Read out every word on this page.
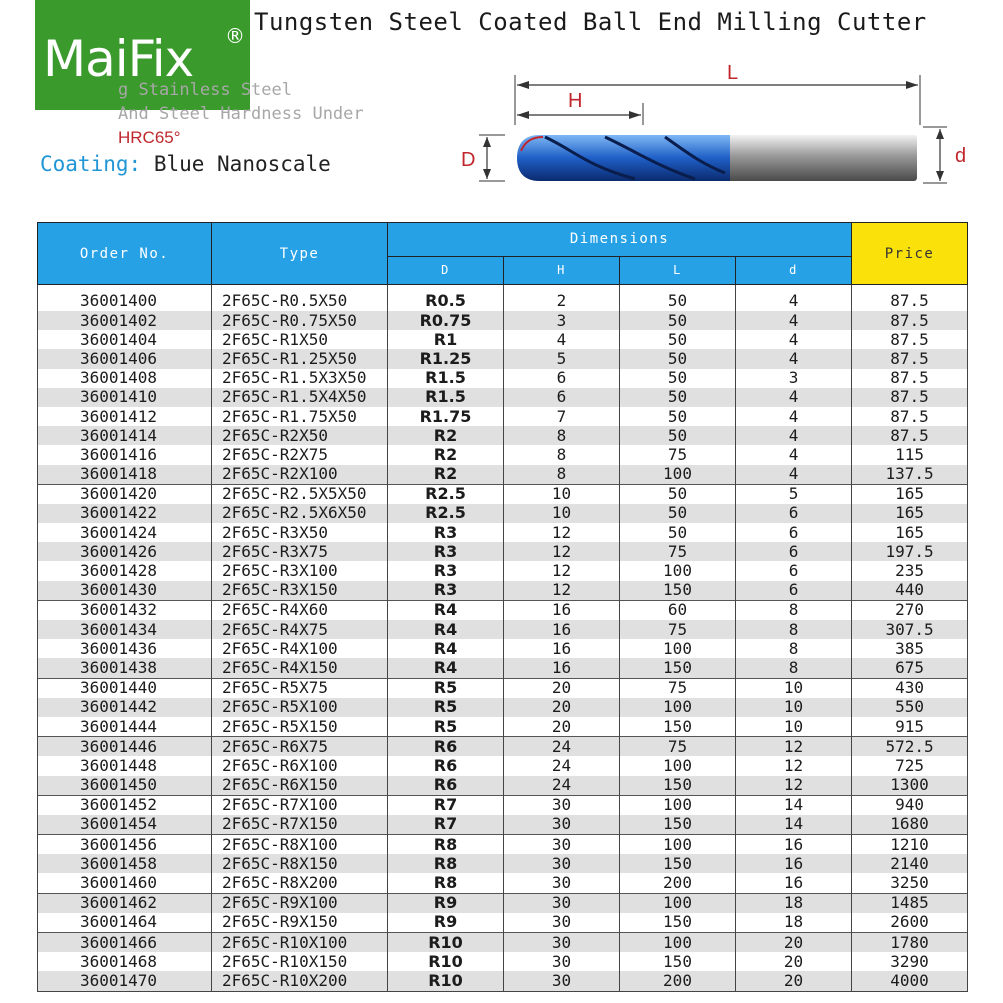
Tungsten Steel Coated Ball End Milling Cutter
MaiFix ®
g Stainless Steel
And Steel Hardness Under
HRC65°
Coating: Blue Nanoscale
L
H
D	d
Order No.	Type	Dimensions				Price
		D	H	L	d	
36001400	2F65C-R0.5X50	R0.5	2	50	4	87.5
36001402	2F65C-R0.75X50	R0.75	3	50	4	87.5
36001404	2F65C-R1X50	R1	4	50	4	87.5
36001406	2F65C-R1.25X50	R1.25	5	50	4	87.5
36001408	2F65C-R1.5X3X50	R1.5	6	50	3	87.5
36001410	2F65C-R1.5X4X50	R1.5	6	50	4	87.5
36001412	2F65C-R1.75X50	R1.75	7	50	4	87.5
36001414	2F65C-R2X50	R2	8	50	4	87.5
36001416	2F65C-R2X75	R2	8	75	4	115
36001418	2F65C-R2X100	R2	8	100	4	137.5
36001420	2F65C-R2.5X5X50	R2.5	10	50	5	165
36001422	2F65C-R2.5X6X50	R2.5	10	50	6	165
36001424	2F65C-R3X50	R3	12	50	6	165
36001426	2F65C-R3X75	R3	12	75	6	197.5
36001428	2F65C-R3X100	R3	12	100	6	235
36001430	2F65C-R3X150	R3	12	150	6	440
36001432	2F65C-R4X60	R4	16	60	8	270
36001434	2F65C-R4X75	R4	16	75	8	307.5
36001436	2F65C-R4X100	R4	16	100	8	385
36001438	2F65C-R4X150	R4	16	150	8	675
36001440	2F65C-R5X75	R5	20	75	10	430
36001442	2F65C-R5X100	R5	20	100	10	550
36001444	2F65C-R5X150	R5	20	150	10	915
36001446	2F65C-R6X75	R6	24	75	12	572.5
36001448	2F65C-R6X100	R6	24	100	12	725
36001450	2F65C-R6X150	R6	24	150	12	1300
36001452	2F65C-R7X100	R7	30	100	14	940
36001454	2F65C-R7X150	R7	30	150	14	1680
36001456	2F65C-R8X100	R8	30	100	16	1210
36001458	2F65C-R8X150	R8	30	150	16	2140
36001460	2F65C-R8X200	R8	30	200	16	3250
36001462	2F65C-R9X100	R9	30	100	18	1485
36001464	2F65C-R9X150	R9	30	150	18	2600
36001466	2F65C-R10X100	R10	30	100	20	1780
36001468	2F65C-R10X150	R10	30	150	20	3290
36001470	2F65C-R10X200	R10	30	200	20	4000
